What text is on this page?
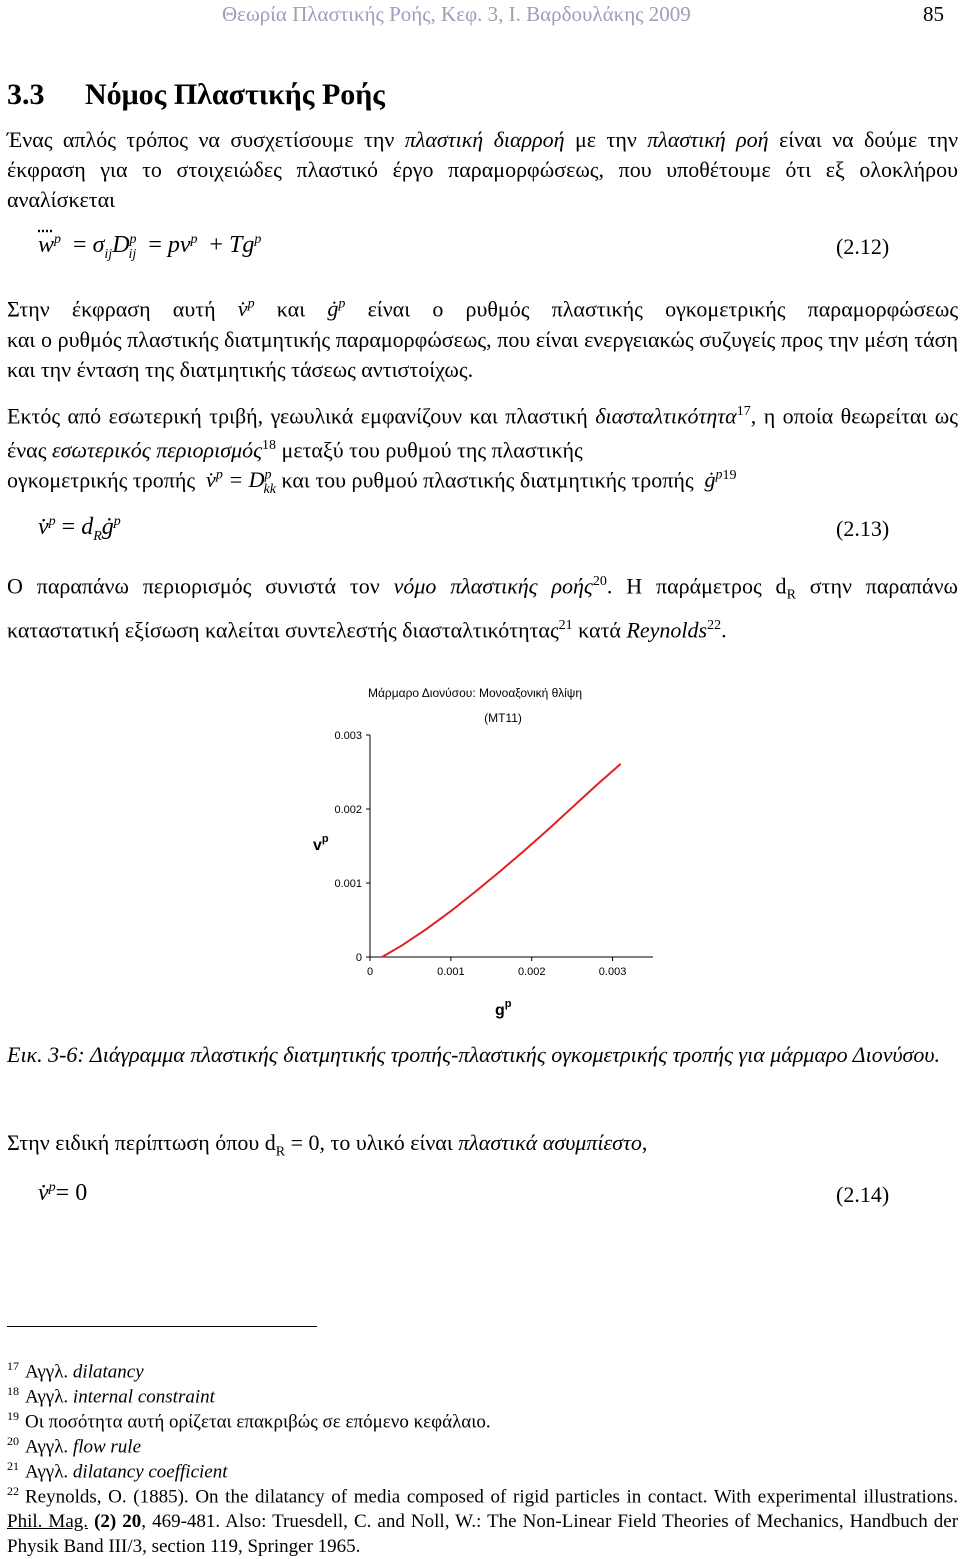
Θεωρία Πλαστικής Ροής, Κεφ. 3, Ι. Βαρδουλάκης 2009	85
3.3 Νόμος Πλαστικής Ροής
Ένας απλός τρόπος να συσχετίσουμε την πλαστική διαρροή με την πλαστική ροή είναι να δούμε την έκφραση για το στοιχειώδες πλαστικό έργο παραμορφώσεως, που υποθέτουμε ότι εξ ολοκλήρου αναλίσκεται
$w^p = \sigma_{ij}D^p_{ij} = pv^p + Tg^p$	(2.12)
Στην έκφραση αυτή v̇$^p$ και $ġ^p$ είναι ο ρυθμός πλαστικής ογκομετρικής παραμορφώσεως
και ο ρυθμός πλαστικής διατμητικής παραμορφώσεως, που είναι ενεργειακώς συζυγείς προς την μέση τάση και την ένταση της διατμητικής τάσεως αντιστοίχως.
Εκτός από εσωτερική τριβή, γεωυλικά εμφανίζουν και πλαστική διασταλτικότητα$^{17}$, η οποία θεωρείται ως ένας εσωτερικός περιορισμός$^{18}$ μεταξύ του ρυθμού της πλαστικής
ογκομετρικής τροπής  v̇$^p$ = $D^p_{kk}$ και του ρυθμού πλαστικής διατμητικής τροπής  $ġ^{p19}$
v̇$^p$ = $d_Rġ^p$	(2.13)
Ο παραπάνω περιορισμός συνιστά τον νόμο πλαστικής ροής$^{20}$. Η παράμετρος $d_R$ στην παραπάνω καταστατική εξίσωση καλείται συντελεστής διασταλτικότητας$^{21}$ κατά Reynolds$^{22}$.
Μάρμαρο Διονύσου: Μονοαξονική θλίψη
(MT11)
0
0.001
0.002
0.003
0	0.001	0.002	0.003
$v^p$
$g^p$
Εικ. 3-6: Διάγραμμα πλαστικής διατμητικής τροπής-πλαστικής ογκομετρικής τροπής για μάρμαρο Διονύσου.
Στην ειδική περίπτωση όπου $d_R = 0$, το υλικό είναι πλαστικά ασυμπίεστο,
v̇$^p$= 0	(2.14)
$^{17}$ Αγγλ. dilatancy
$^{18}$ Αγγλ. internal constraint
$^{19}$ Οι ποσότητα αυτή ορίζεται επακριβώς σε επόμενο κεφάλαιο.
$^{20}$ Αγγλ. flow rule
$^{21}$ Αγγλ. dilatancy coefficient
$^{22}$ Reynolds, O. (1885). On the dilatancy of media composed of rigid particles in contact. With experimental illustrations. Phil. Mag. (2) 20, 469-481. Also: Truesdell, C. and Noll, W.: The Non-Linear Field Theories of Mechanics, Handbuch der Physik Band III/3, section 119, Springer 1965.
